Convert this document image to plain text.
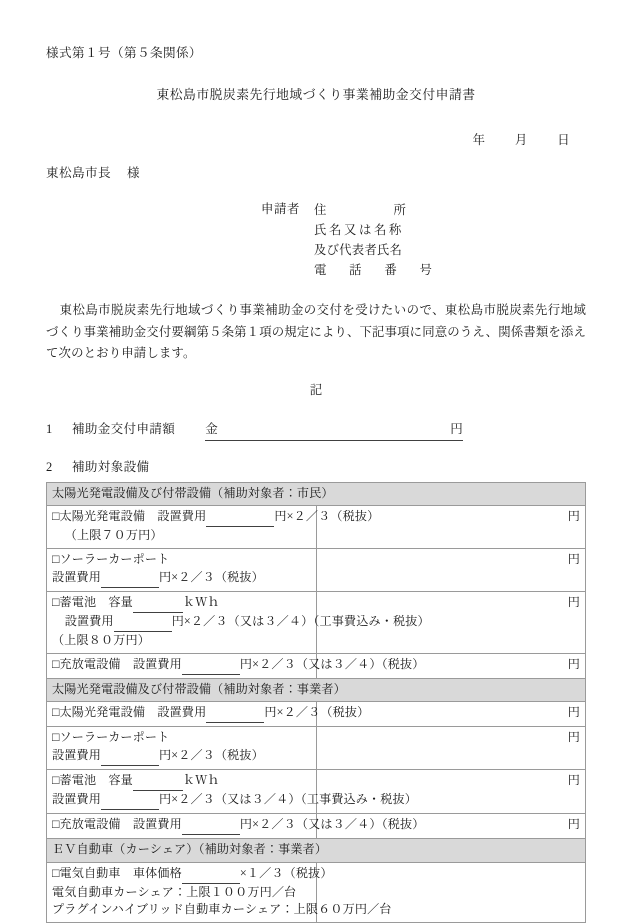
様式第１号（第５条関係）
東松島市脱炭素先行地域づくり事業補助金交付申請書
年 月 日
東松島市長 様
申請者 住　　　所
氏名又は名称
及び代表者氏名
電　話　番　号
東松島市脱炭素先行地域づくり事業補助金の交付を受けたいので、東松島市脱炭素先行地域づくり事業補助金交付要綱第５条第１項の規定により、下記事項に同意のうえ、関係書類を添えて次のとおり申請します。
記
1	補助金交付申請額 金	円
2	補助対象設備
太陽光発電設備及び付帯設備（補助対象者：市民）	

□太陽光発電設備　設置費用 円×２／３（税抜）
（上限７０万円）	円

□ソーラーカーポート
設置費用 円×２／３（税抜）	円

□蓄電池　容量 ｋＷｈ
設置費用 円×２／３（又は３／４）（工事費込み・税抜）
（上限８０万円）	円

□充放電設備　設置費用 円×２／３（又は３／４）（税抜）	円
太陽光発電設備及び付帯設備（補助対象者：事業者）	

□太陽光発電設備　設置費用 円×２／３（税抜）	円

□ソーラーカーポート
設置費用 円×２／３（税抜）	円

□蓄電池　容量 ｋＷｈ
設置費用 円×２／３（又は３／４）（工事費込み・税抜）	円

□充放電設備　設置費用 円×２／３（又は３／４）（税抜）	円
ＥＶ自動車（カーシェア）（補助対象者：事業者）	

□電気自動車　車体価格 ×１／３（税抜）
電気自動車カーシェア：上限１００万円／台
プラグインハイブリッド自動車カーシェア：上限６０万円／台	
